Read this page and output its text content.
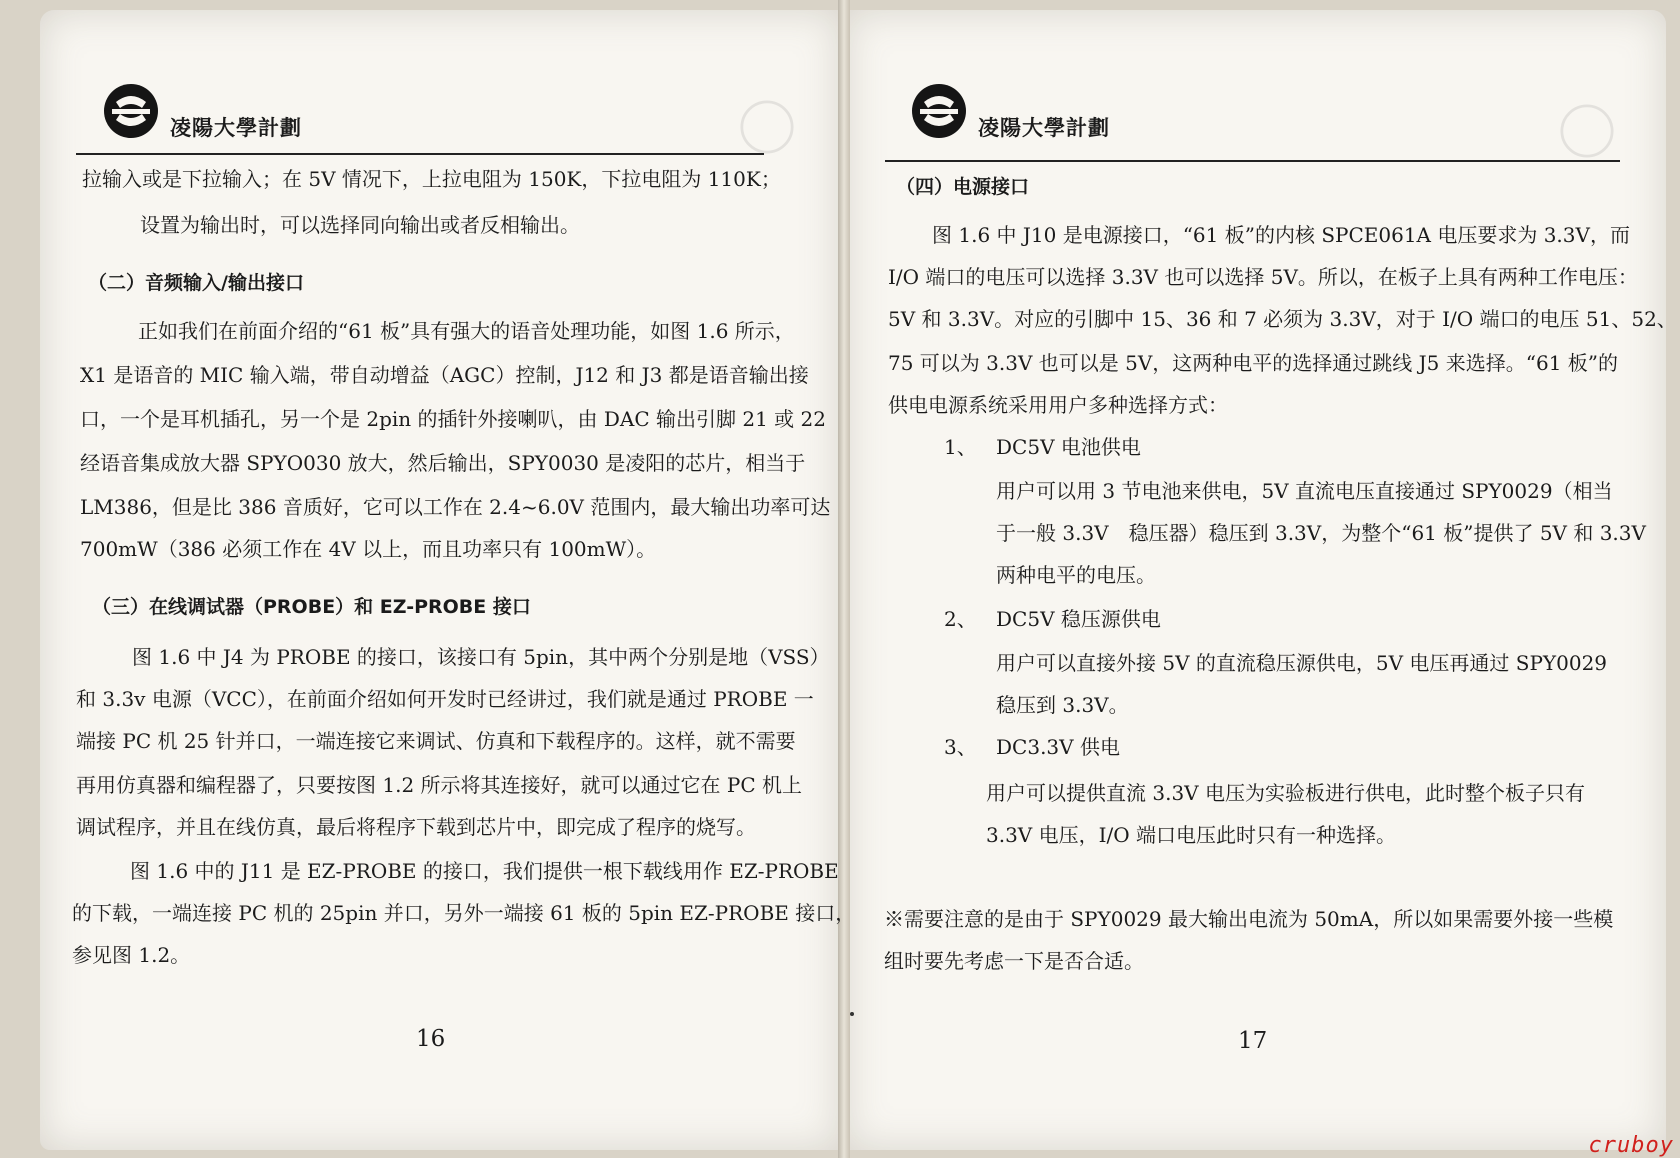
凌陽大學計劃	凌陽大學計劃
拉输入或是下拉输入；在 5V 情况下，上拉电阻为 150K，下拉电阻为 110K；
设置为输出时，可以选择同向输出或者反相输出。
（二）音频输入/输出接口
正如我们在前面介绍的“61 板”具有强大的语音处理功能，如图 1.6 所示，
X1 是语音的 MIC 输入端，带自动增益（AGC）控制，J12 和 J3 都是语音输出接
口，一个是耳机插孔，另一个是 2pin 的插针外接喇叭，由 DAC 输出引脚 21 或 22
经语音集成放大器 SPYO030 放大，然后输出，SPY0030 是凌阳的芯片，相当于
LM386，但是比 386 音质好，它可以工作在 2.4~6.0V 范围内，最大输出功率可达
700mW（386 必须工作在 4V 以上，而且功率只有 100mW）。
（三）在线调试器（PROBE）和 EZ-PROBE 接口
图 1.6 中 J4 为 PROBE 的接口，该接口有 5pin，其中两个分别是地（VSS）
和 3.3v 电源（VCC），在前面介绍如何开发时已经讲过，我们就是通过 PROBE 一
端接 PC 机 25 针并口，一端连接它来调试、仿真和下载程序的。这样，就不需要
再用仿真器和编程器了，只要按图 1.2 所示将其连接好，就可以通过它在 PC 机上
调试程序，并且在线仿真，最后将程序下载到芯片中，即完成了程序的烧写。
图 1.6 中的 J11 是 EZ-PROBE 的接口，我们提供一根下载线用作 EZ-PROBE
的下载，一端连接 PC 机的 25pin 并口，另外一端接 61 板的 5pin EZ-PROBE 接口，
参见图 1.2。
16
（四）电源接口
图 1.6 中 J10 是电源接口，“61 板”的内核 SPCE061A 电压要求为 3.3V，而
I/O 端口的电压可以选择 3.3V 也可以选择 5V。所以，在板子上具有两种工作电压：
5V 和 3.3V。对应的引脚中 15、36 和 7 必须为 3.3V，对于 I/O 端口的电压 51、52、
75 可以为 3.3V 也可以是 5V，这两种电平的选择通过跳线 J5 来选择。“61 板”的
供电电源系统采用用户多种选择方式：
1、 DC5V 电池供电
用户可以用 3 节电池来供电，5V 直流电压直接通过 SPY0029（相当
于一般 3.3V　稳压器）稳压到 3.3V，为整个“61 板”提供了 5V 和 3.3V
两种电平的电压。
2、 DC5V 稳压源供电
用户可以直接外接 5V 的直流稳压源供电，5V 电压再通过 SPY0029
稳压到 3.3V。
3、 DC3.3V 供电
用户可以提供直流 3.3V 电压为实验板进行供电，此时整个板子只有
3.3V 电压，I/O 端口电压此时只有一种选择。
※需要注意的是由于 SPY0029 最大输出电流为 50mA，所以如果需要外接一些模
组时要先考虑一下是否合适。
17
cruboy
